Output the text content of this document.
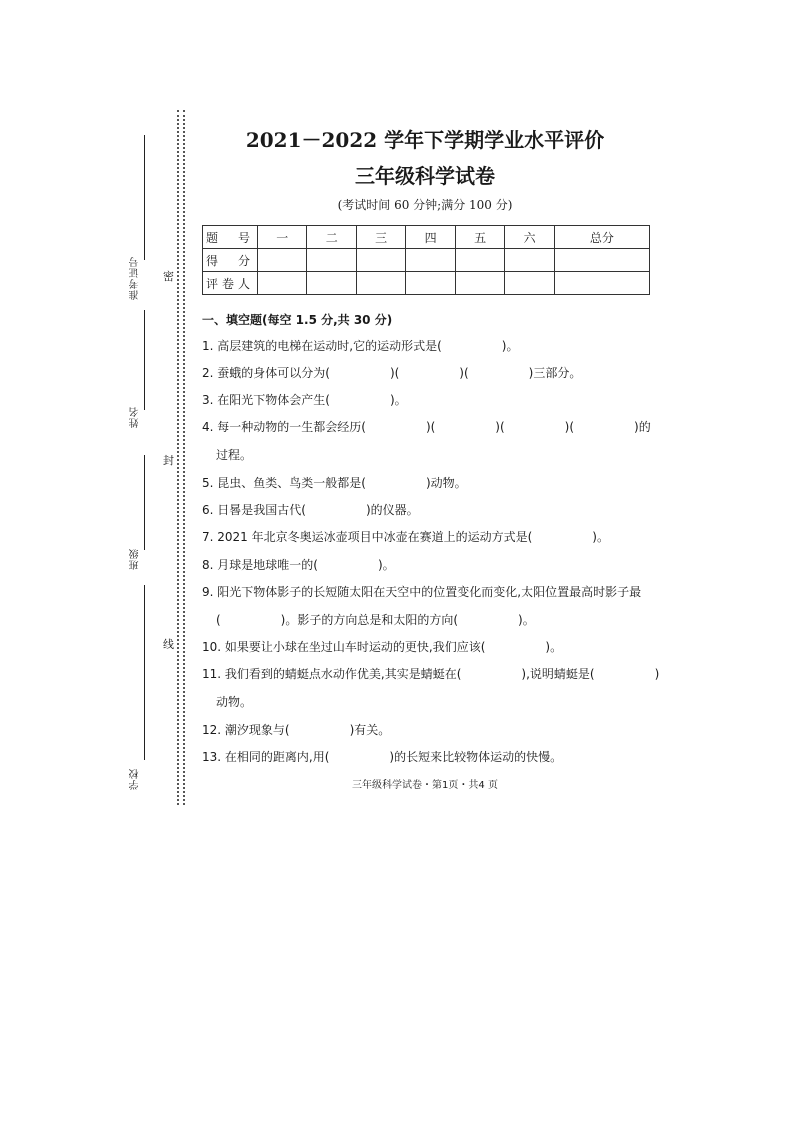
准考证号
姓名
班级
学校
密
封
线
2021－2022 学年下学期学业水平评价
三年级科学试卷
(考试时间 60 分钟;满分 100 分)
题　号	一	二	三	四	五	六	总分
得　分							
评卷人							
一、填空题(每空 1.5 分,共 30 分)
1. 高层建筑的电梯在运动时,它的运动形式是(　　　　　)。
2. 蚕蛾的身体可以分为(　　　　　)(　　　　　)(　　　　　)三部分。
3. 在阳光下物体会产生(　　　　　)。
4. 每一种动物的一生都会经历(　　　　　)(　　　　　)(　　　　　)(　　　　　)的
过程。
5. 昆虫、鱼类、鸟类一般都是(　　　　　)动物。
6. 日晷是我国古代(　　　　　)的仪器。
7. 2021 年北京冬奥运冰壶项目中冰壶在赛道上的运动方式是(　　　　　)。
8. 月球是地球唯一的(　　　　　)。
9. 阳光下物体影子的长短随太阳在天空中的位置变化而变化,太阳位置最高时影子最
(　　　　　)。影子的方向总是和太阳的方向(　　　　　)。
10. 如果要让小球在坐过山车时运动的更快,我们应该(　　　　　)。
11. 我们看到的蜻蜓点水动作优美,其实是蜻蜓在(　　　　　),说明蜻蜓是(　　　　　)
动物。
12. 潮汐现象与(　　　　　)有关。
13. 在相同的距离内,用(　　　　　)的长短来比较物体运动的快慢。
三年级科学试卷・第1页・共4 页
